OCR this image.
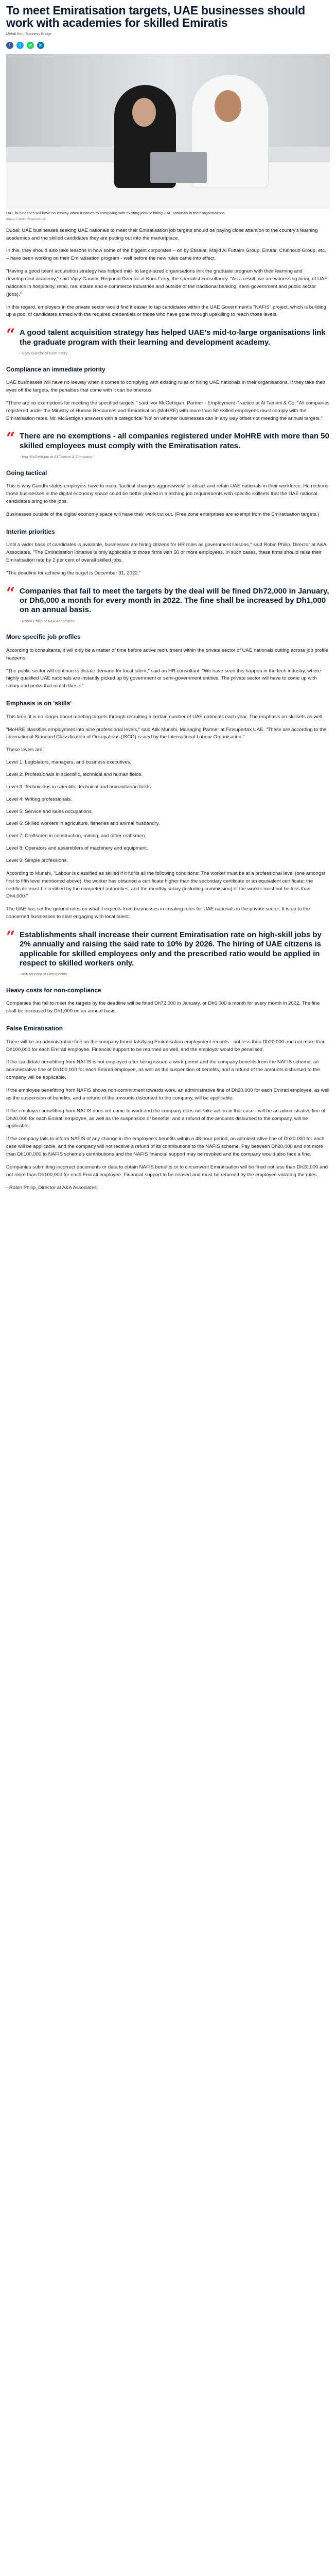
To meet Emiratisation targets, UAE businesses should work with academies for skilled Emiratis
Mehdi Kori, Business Bridge
f t w in
UAE businesses will have no leeway when it comes to complying with existing jobs or hiring UAE nationals in their organisations.
Image Credit: Shutterstock

Dubai: UAE businesses seeking UAE nationals to meet their Emiratisation job targets should be paying close attention to the country's learning academies and the skilled candidates they are putting out into the marketplace.

In this, they should also take lessons in how some of the biggest corporates – oh by Etisalat, Majid Al Futtaim Group, Emaar, Chalhoub Group, etc. – have been working on their Emiratisation program - well before the new rules came into effect.

"Having a good talent acquisition strategy has helped mid- to large-sized organisations link the graduate program with their learning and development academy," said Vijay Gandhi, Regional Director at Korn Ferry, the specialist consultancy. "As a result, we are witnessing hiring of UAE nationals in hospitality, retail, real estate and e-commerce industries and outside of the traditional banking, semi-government and public sector (jobs)."

In this regard, employers in the private sector would find it easier to tap candidates within the UAE Government's "NAFIS" project, which is building up a pool of candidates armed with the required credentials or those who have gone through upskilling to reach those levels.

“ A good talent acquisition strategy has helped UAE's mid-to-large organisations link the graduate program with their learning and development academy.
- Vijay Gandhi of Korn Ferry
Compliance an immediate priority

UAE businesses will have no leeway when it comes to complying with existing rules or hiring UAE nationals in their organisations. If they take their eyes off the targets, the penalties that come with it can be onerous.

"There are no exemptions for meeting the specified targets," said Ivor McGettigan, Partner - Employment Practice at Al Tamimi & Co. "All companies registered under the Ministry of Human Resources and Emiratisation (MoHRE) with more than 50 skilled employees must comply with the Emiratisation rates. Mr. McGettigan answers with a categorical 'No' on whether businesses can in any way offset not meeting the annual targets."

“ There are no exemptions - all companies registered under MoHRE with more than 50 skilled employees must comply with the Emiratisation rates.
- Ivor McGettigan at Al Tamimi & Company
Going tactical

This is why Gandhi states employers have to make 'tactical changes aggressively' to attract and retain UAE nationals in their workforce. He reckons those businesses in the digital economy space could be better placed in matching job requirements with specific skillsets that the UAE national candidates bring to the jobs.

Businesses outside of the digital economy space will have their work cut out. (Free zone enterprises are exempt from the Emiratisation targets.)

Interim priorities

Until a wider base of candidates is available, businesses are hiring citizens for HR roles as government liaisons," said Robin Philip, Director at A&A Associates. "The Emiratisation initiative is only applicable to those firms with 50 or more employees. In such cases, these firms should raise their Emiratisation rate by 2 per cent of overall skilled jobs.

"The deadline for achieving the target is December 31, 2022."

“ Companies that fail to meet the targets by the deal will be fined Dh72,000 in January, or Dh6,000 a month for every month in 2022. The fine shall be increased by Dh1,000 on an annual basis.
- Robin Philip of A&A Associates
More specific job profiles

According to consultants, it will only be a matter of time before active recruitment within the private sector of UAE nationals cutting across job profile happens.

"The public sector will continue to dictate demand for local talent," said an HR consultant. "We have seen this happen in the tech industry, where highly qualified UAE nationals are instantly picked up by government or semi-government entities. The private sector will have to come up with salary and perks that match these."

Emphasis is on 'skills'

This time, it is no longer about meeting targets through recruiting a certain number of UAE nationals each year. The emphasis on skillsets as well.

"MoHRE classifies employment into nine professional levels," said Atik Munshi, Managing Partner at Finsupertax UAE. "These are according to the International Standard Classification of Occupations (ISCO) issued by the International Labour Organisation."

These levels are:

Level 1: Legislators, managers, and business executives.

Level 2: Professionals in scientific, technical and human fields.

Level 3: Technicians in scientific, technical and humanitarian fields.

Level 4: Writing professionals.

Level 5: Service and sales occupations.

Level 6: Skilled workers in agriculture, fisheries and animal husbandry.

Level 7: Craftsmen in construction, mining, and other craftsmen.

Level 8: Operators and assemblers of machinery and equipment.

Level 9: Simple professions.

According to Munshi, "Labour is classified as skilled if it fulfils all the following conditions: The worker must be at a professional level (one amongst first to fifth level mentioned above); the worker has obtained a certificate higher than the secondary certificate or an equivalent certificate; the certificate must be certified by the competent authorities; and the monthly salary (including commission) of the worker must not be less than Dh4,000."

The UAE has set the ground rules on what it expects from businesses in creating roles for UAE nationals in the private sector. It is up to the concerned businesses to start engaging with local talent.

“ Establishments shall increase their current Emiratisation rate on high-skill jobs by 2% annually and raising the said rate to 10% by 2026. The hiring of UAE citizens is applicable for skilled employees only and the prescribed ratio would be applied in respect to skilled workers only.
- Atik Munshi of Finsupertax
Heavy costs for non-compliance

Companies that fail to meet the targets by the deadline will be fined Dh72,000 in January, or Dh6,000 a month for every month in 2022. The fine shall be increased by Dh1,000 on an annual basis.

False Emiratisation

There will be an administrative fine on the company found falsifying Emiratisation employment records - not less than Dh20,000 and not more than Dh100,000 for each Emirati employee. Financial support to be returned as well, and the employer would be penalised.

If the candidate benefitting from NAFIS is not employed after being issued a work permit and the company benefits from the NAFIS scheme, an administrative fine of Dh100,000 for each Emirati employee, as well as the suspension of benefits, and a refund of the amounts disbursed to the company will be applicable.

If the employee benefitting from NAFIS shows non-commitment towards work, an administrative fine of Dh20,000 for each Emirati employee, as well as the suspension of benefits, and a refund of the amounts disbursed to the company, will be applicable.

If the employee benefitting from NAFIS does not come to work and the company does not take action in that case - will be an administrative fine of Dh20,000 for each Emirati employee, as well as the suspension of benefits, and a refund of the amounts disbursed to the company, will be applicable.

If the company fails to inform NAFIS of any change in the employee's benefits within a 48-hour period, an administrative fine of Dh20,000 for each case will be applicable, and the company will not receive a refund of its contributions to the NAFIS scheme. Pay between Dh20,000 and not more than Dh100,000 to NAFIS scheme's contributions and the NAFIS financial support may be revoked and the company would also face a fine.

Companies submitting incorrect documents or data to obtain NAFIS benefits or to circumvent Emiratisation will be fined not less than Dh20,000 and not more than Dh100,000 for each Emirati employee. Financial support to be ceased and must be returned by the employee violating the rules.

- Robin Philip, Director at A&A Associates
